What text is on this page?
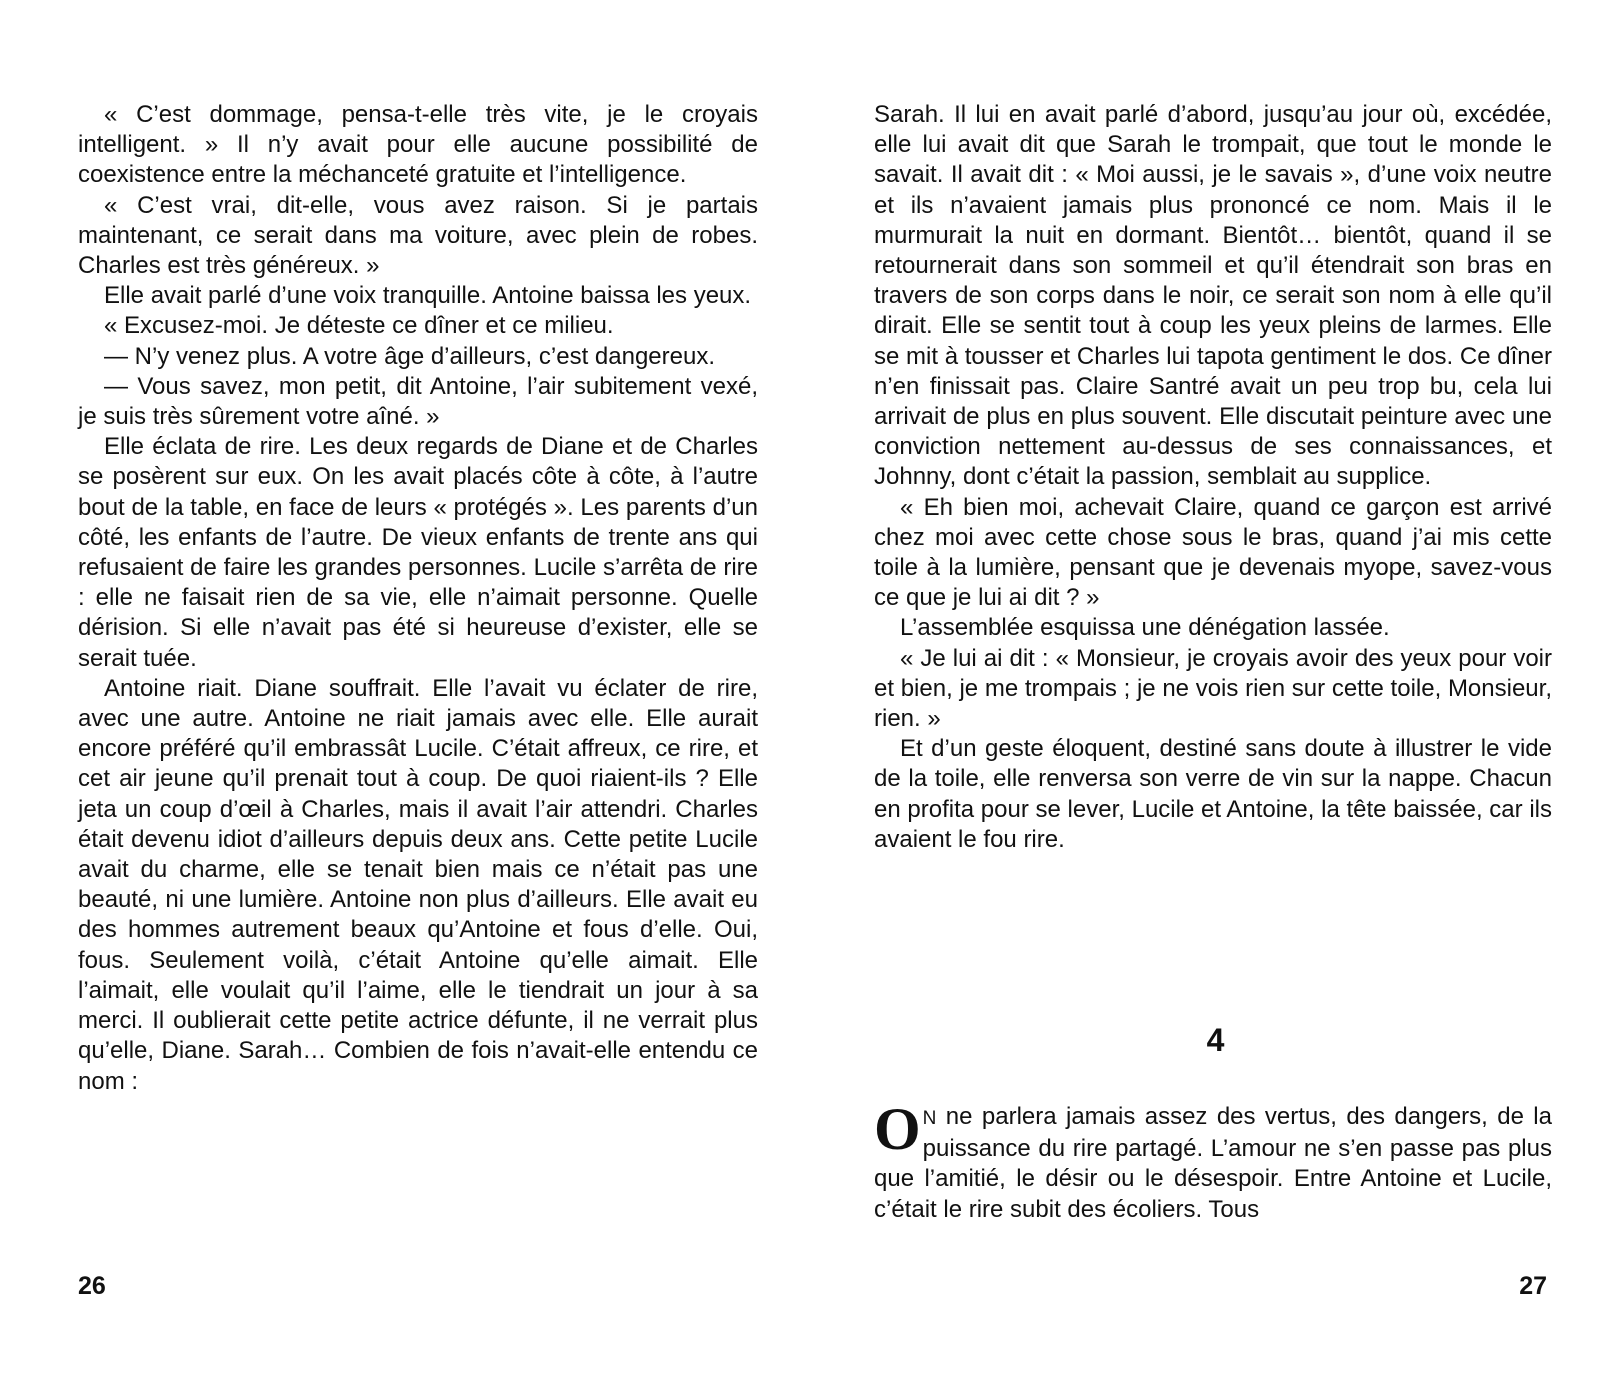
« C’est dommage, pensa-t-elle très vite, je le croyais intelligent. » Il n’y avait pour elle aucune possibilité de coexistence entre la méchanceté gratuite et l’intelligence.

« C’est vrai, dit-elle, vous avez raison. Si je partais maintenant, ce serait dans ma voiture, avec plein de robes. Charles est très généreux. »

Elle avait parlé d’une voix tranquille. Antoine baissa les yeux.

« Excusez-moi. Je déteste ce dîner et ce milieu.

— N’y venez plus. A votre âge d’ailleurs, c’est dangereux.

— Vous savez, mon petit, dit Antoine, l’air subitement vexé, je suis très sûrement votre aîné. »

Elle éclata de rire. Les deux regards de Diane et de Charles se posèrent sur eux. On les avait placés côte à côte, à l’autre bout de la table, en face de leurs « protégés ». Les parents d’un côté, les enfants de l’autre. De vieux enfants de trente ans qui refusaient de faire les grandes personnes. Lucile s’arrêta de rire : elle ne faisait rien de sa vie, elle n’aimait personne. Quelle dérision. Si elle n’avait pas été si heureuse d’exister, elle se serait tuée.

Antoine riait. Diane souffrait. Elle l’avait vu éclater de rire, avec une autre. Antoine ne riait jamais avec elle. Elle aurait encore préféré qu’il embrassât Lucile. C’était affreux, ce rire, et cet air jeune qu’il prenait tout à coup. De quoi riaient-ils ? Elle jeta un coup d’œil à Charles, mais il avait l’air attendri. Charles était devenu idiot d’ailleurs depuis deux ans. Cette petite Lucile avait du charme, elle se tenait bien mais ce n’était pas une beauté, ni une lumière. Antoine non plus d’ailleurs. Elle avait eu des hommes autrement beaux qu’Antoine et fous d’elle. Oui, fous. Seulement voilà, c’était Antoine qu’elle aimait. Elle l’aimait, elle voulait qu’il l’aime, elle le tiendrait un jour à sa merci. Il oublierait cette petite actrice défunte, il ne verrait plus qu’elle, Diane. Sarah… Combien de fois n’avait-elle entendu ce nom :

26

Sarah. Il lui en avait parlé d’abord, jusqu’au jour où, excédée, elle lui avait dit que Sarah le trompait, que tout le monde le savait. Il avait dit : « Moi aussi, je le savais », d’une voix neutre et ils n’avaient jamais plus prononcé ce nom. Mais il le murmurait la nuit en dormant. Bientôt… bientôt, quand il se retournerait dans son sommeil et qu’il étendrait son bras en travers de son corps dans le noir, ce serait son nom à elle qu’il dirait. Elle se sentit tout à coup les yeux pleins de larmes. Elle se mit à tousser et Charles lui tapota gentiment le dos. Ce dîner n’en finissait pas. Claire Santré avait un peu trop bu, cela lui arrivait de plus en plus souvent. Elle discutait peinture avec une conviction nettement au-dessus de ses connaissances, et Johnny, dont c’était la passion, semblait au supplice.

« Eh bien moi, achevait Claire, quand ce garçon est arrivé chez moi avec cette chose sous le bras, quand j’ai mis cette toile à la lumière, pensant que je devenais myope, savez-vous ce que je lui ai dit ? »

L’assemblée esquissa une dénégation lassée.

« Je lui ai dit : « Monsieur, je croyais avoir des yeux pour voir et bien, je me trompais ; je ne vois rien sur cette toile, Monsieur, rien. »

Et d’un geste éloquent, destiné sans doute à illustrer le vide de la toile, elle renversa son verre de vin sur la nappe. Chacun en profita pour se lever, Lucile et Antoine, la tête baissée, car ils avaient le fou rire.

4

O N ne parlera jamais assez des vertus, des dangers, de la puissance du rire partagé. L’amour ne s’en passe pas plus que l’amitié, le désir ou le désespoir. Entre Antoine et Lucile, c’était le rire subit des écoliers. Tous

27
